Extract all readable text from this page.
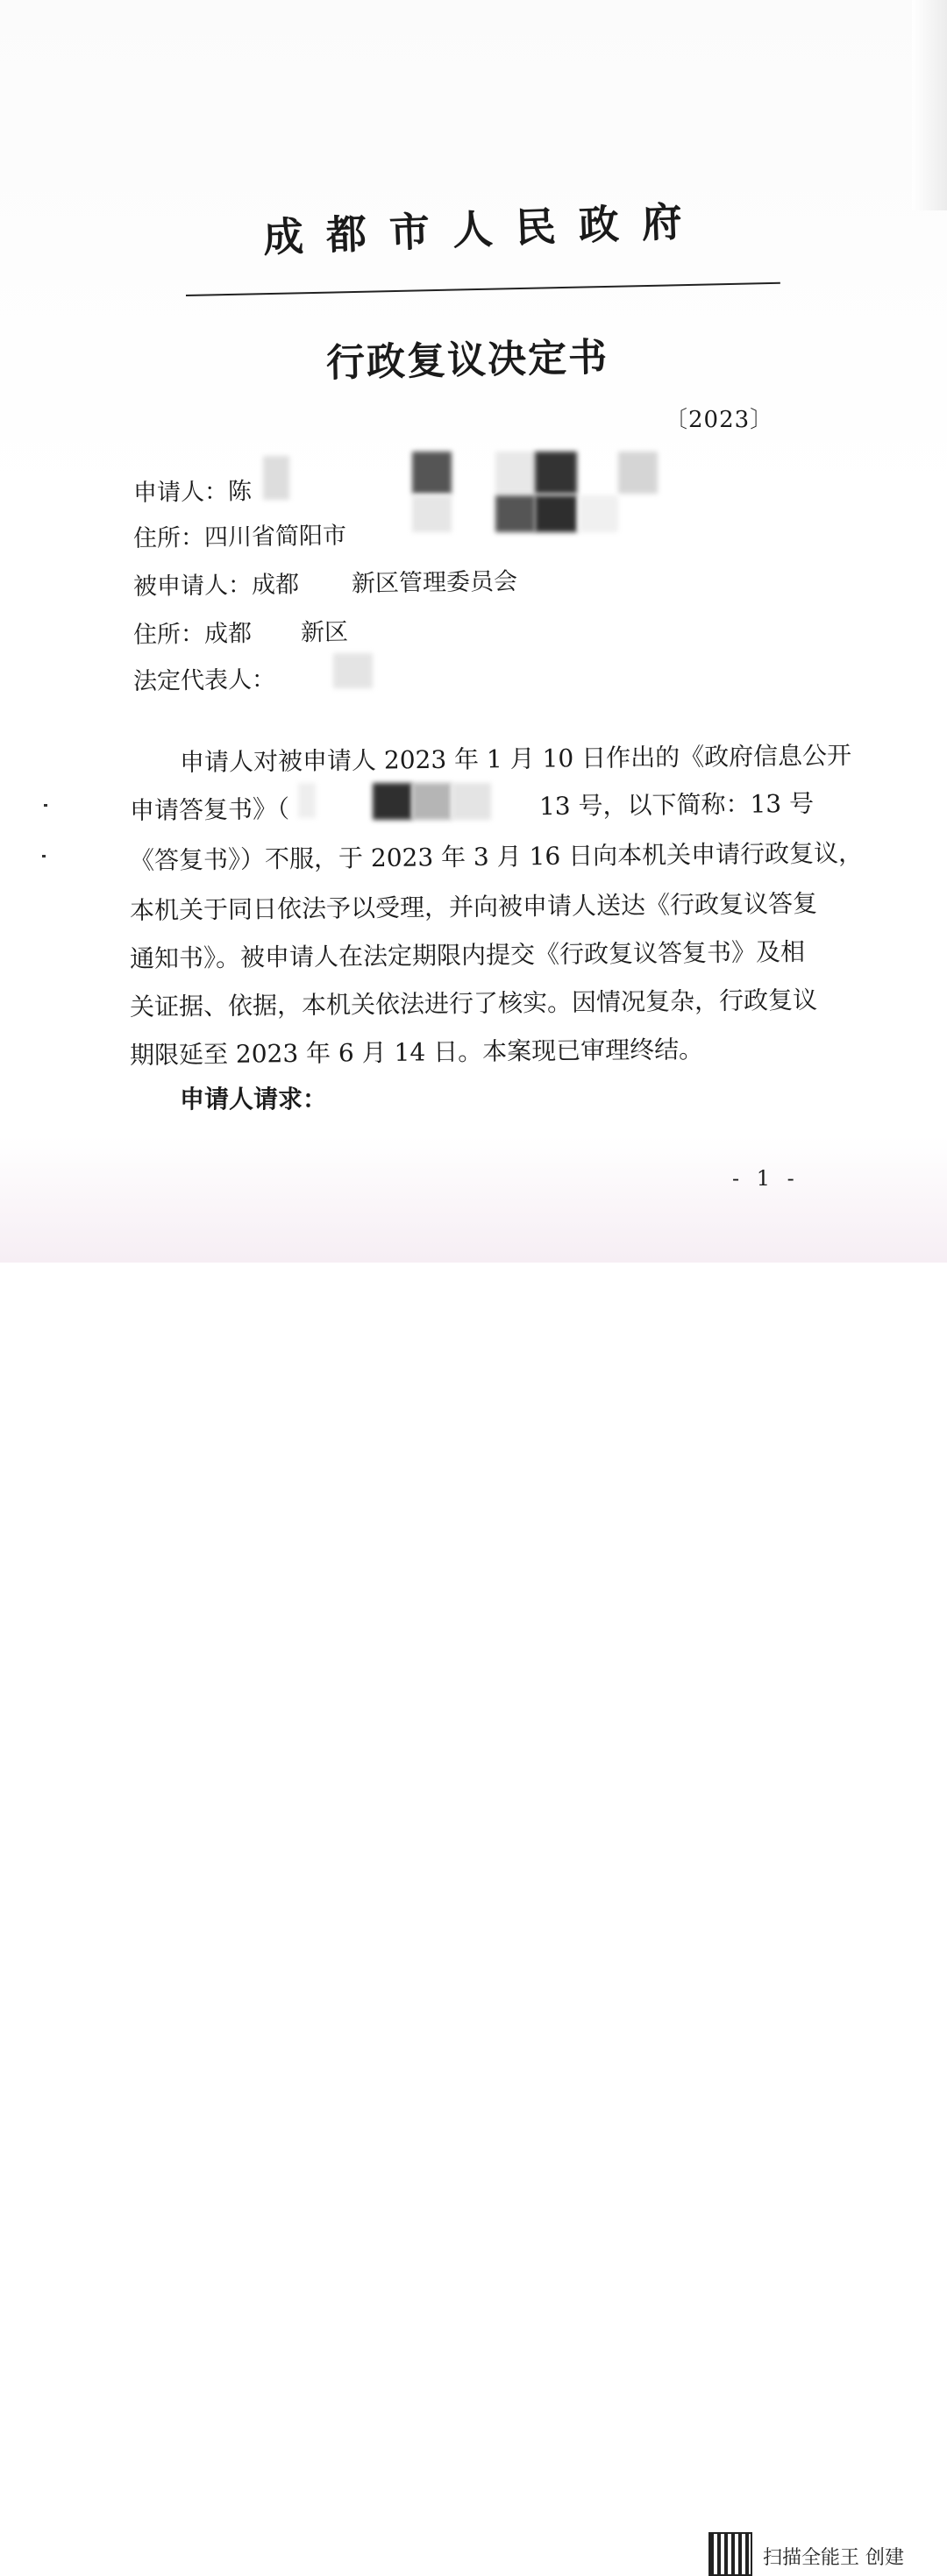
成都市人民政府
行政复议决定书
〔2023〕
申请人：陈
住所：四川省简阳市
被申请人：成都 新区管理委员会
住所：成都 新区
法定代表人：
申请人对被申请人 2023 年 1 月 10 日作出的《政府信息公开
申请答复书》（	13 号，以下简称：13 号
《答复书》）不服，于 2023 年 3 月 16 日向本机关申请行政复议，
本机关于同日依法予以受理，并向被申请人送达《行政复议答复
通知书》。被申请人在法定期限内提交《行政复议答复书》及相
关证据、依据，本机关依法进行了核实。因情况复杂，行政复议
期限延至 2023 年 6 月 14 日。本案现已审理终结。
申请人请求：
- 1 -
扫描全能王 创建
